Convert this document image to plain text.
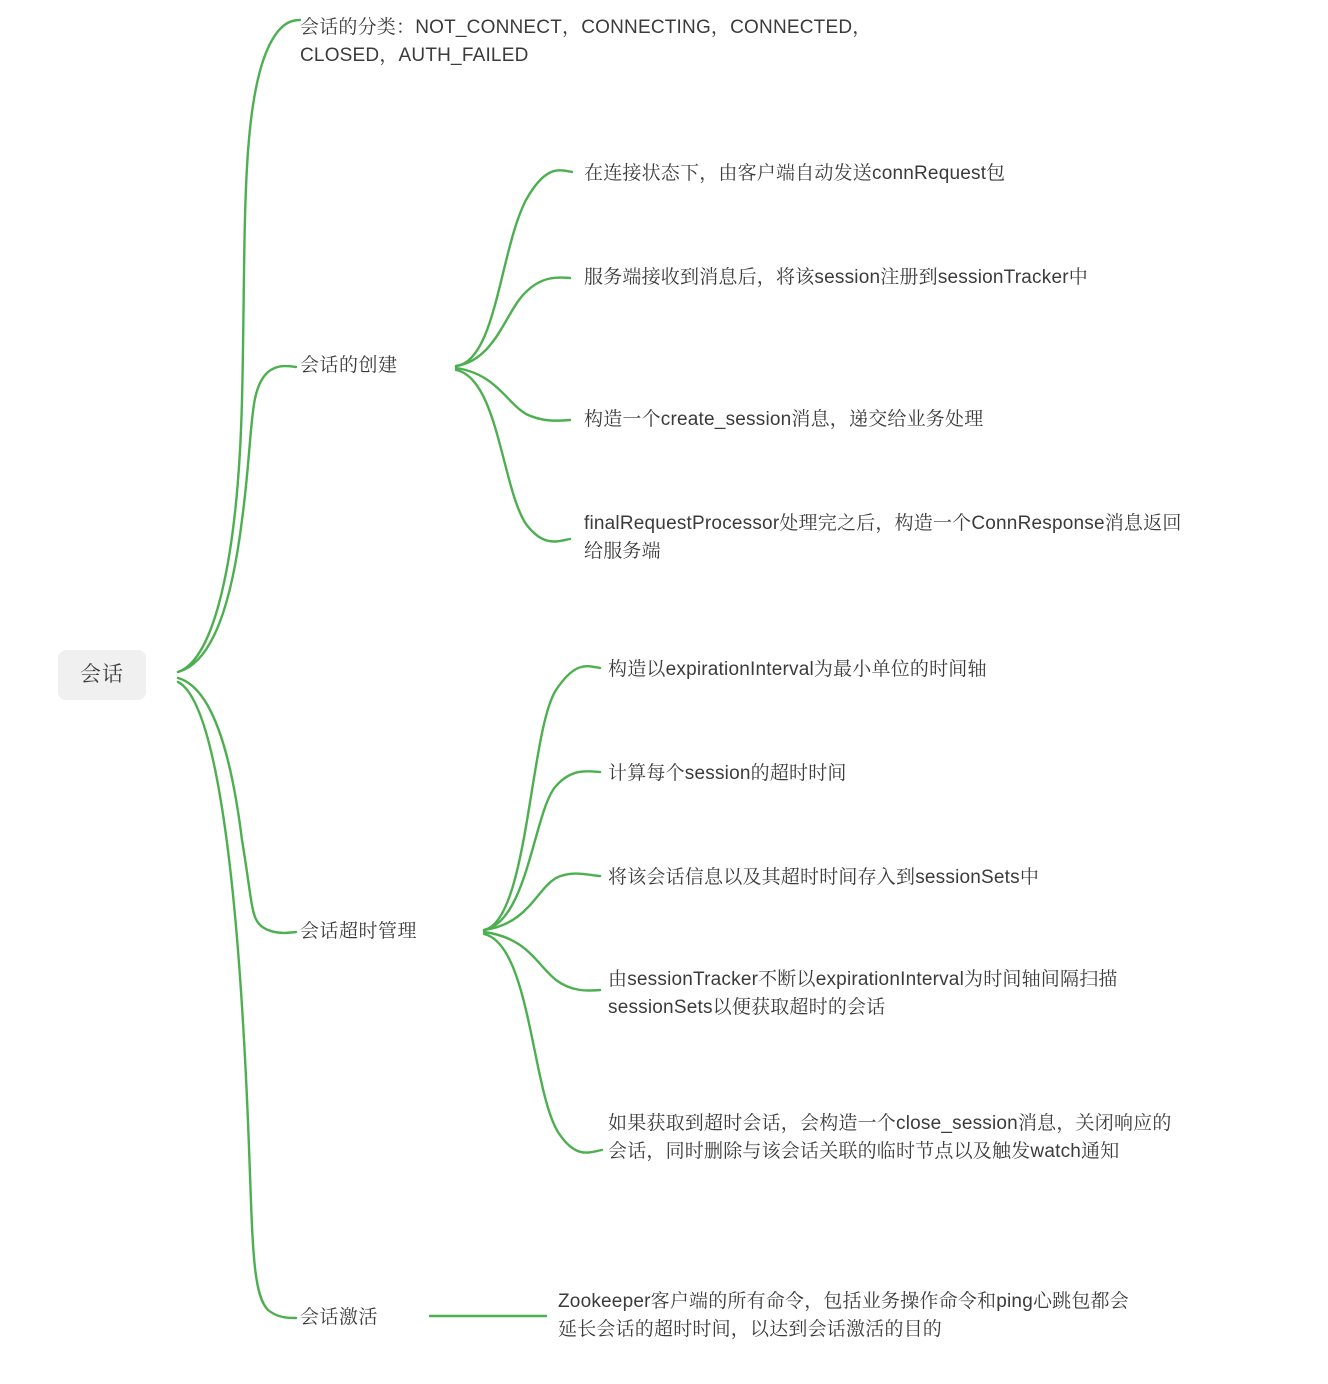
会话
会话的分类：NOT_CONNECT，CONNECTING，CONNECTED，CLOSED，AUTH_FAILED
会话的创建
在连接状态下，由客户端自动发送connRequest包
服务端接收到消息后，将该session注册到sessionTracker中
构造一个create_session消息，递交给业务处理
finalRequestProcessor处理完之后，构造一个ConnResponse消息返回给服务端
会话超时管理
构造以expirationInterval为最小单位的时间轴
计算每个session的超时时间
将该会话信息以及其超时时间存入到sessionSets中
由sessionTracker不断以expirationInterval为时间轴间隔扫描sessionSets以便获取超时的会话
如果获取到超时会话，会构造一个close_session消息，关闭响应的会话，同时删除与该会话关联的临时节点以及触发watch通知
会话激活
Zookeeper客户端的所有命令，包括业务操作命令和ping心跳包都会延长会话的超时时间，以达到会话激活的目的
